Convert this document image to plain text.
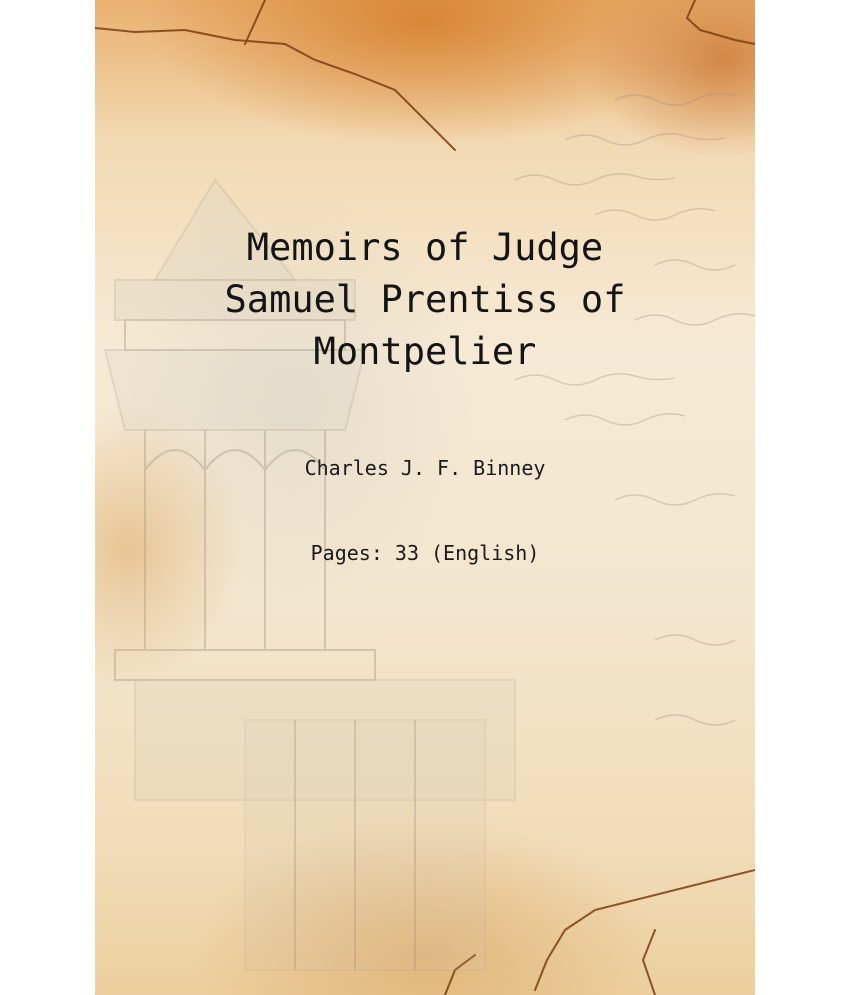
Memoirs of Judge
Samuel Prentiss of
Montpelier
Charles J. F. Binney
Pages: 33 (English)
